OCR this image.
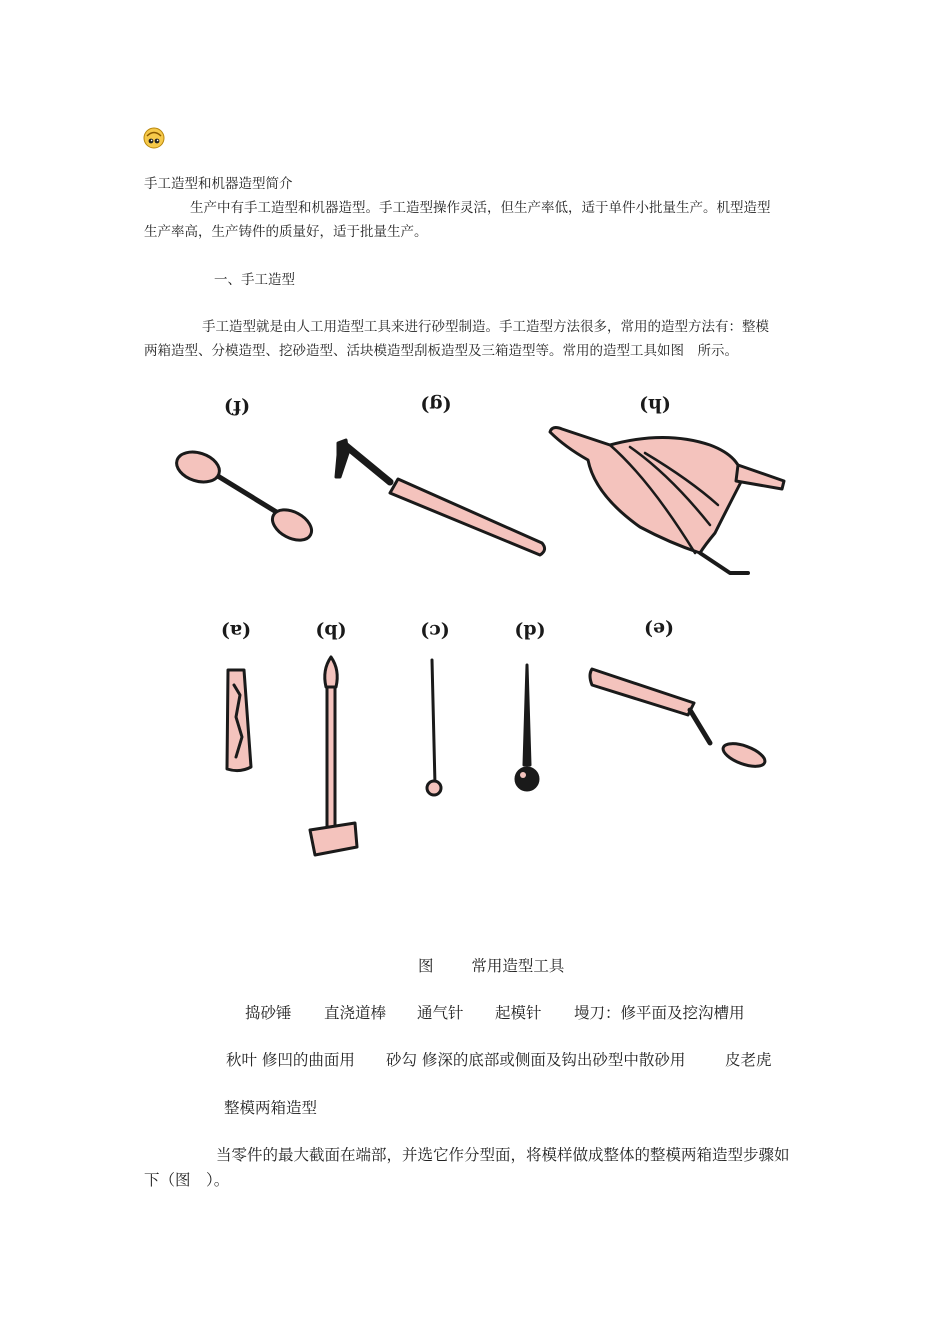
手工造型和机器造型简介
生产中有手工造型和机器造型。手工造型操作灵活，但生产率低，适于单件小批量生产。机型造型
生产率高，生产铸件的质量好，适于批量生产。
一、手工造型
手工造型就是由人工用造型工具来进行砂型制造。手工造型方法很多，常用的造型方法有：整模
两箱造型、分模造型、挖砂造型、活块模造型刮板造型及三箱造型等。常用的造型工具如图　所示。
(f)	(g)	(h)
(a)	(b)	(c)	(d)	(e)
图 常用造型工具
捣砂锤 直浇道棒 通气针 起模针 墁刀：修平面及挖沟槽用
秋叶 修凹的曲面用 砂勾 修深的底部或侧面及钩出砂型中散砂用	皮老虎
整模两箱造型
当零件的最大截面在端部，并选它作分型面，将模样做成整体的整模两箱造型步骤如
下（图　）。
